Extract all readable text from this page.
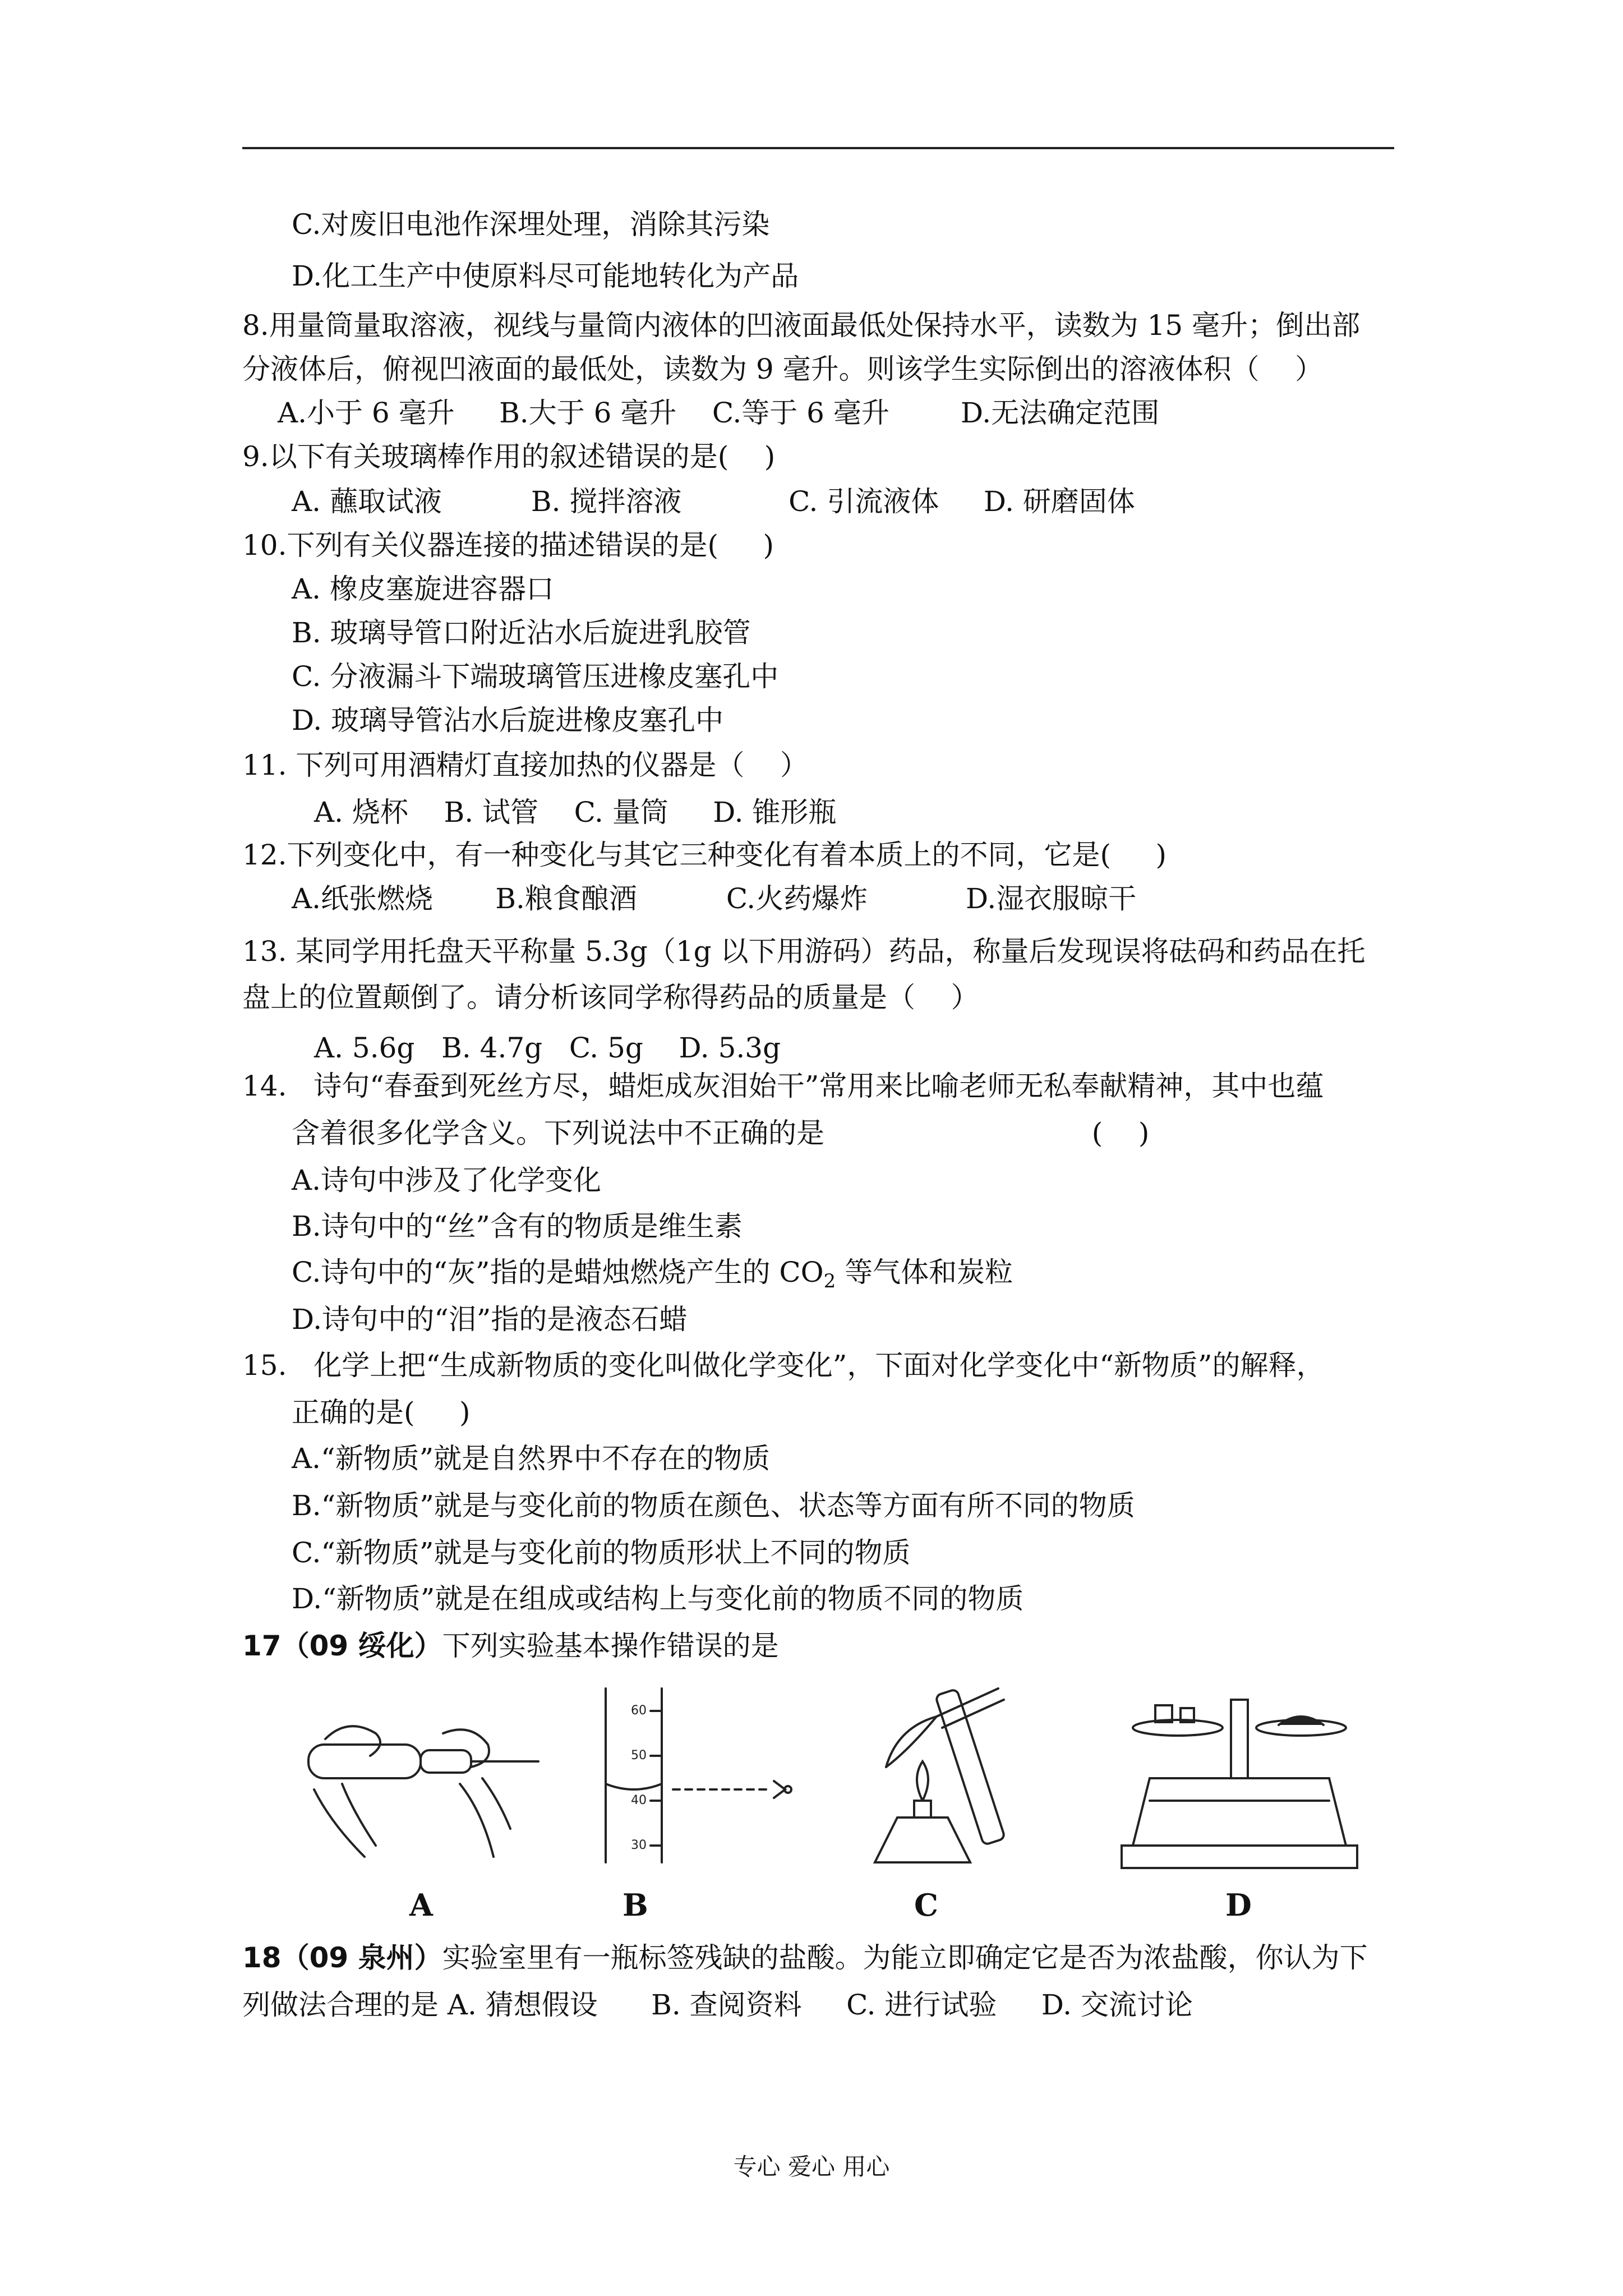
C.对废旧电池作深埋处理，消除其污染
D.化工生产中使原料尽可能地转化为产品
8.用量筒量取溶液，视线与量筒内液体的凹液面最低处保持水平，读数为 15 毫升；倒出部
分液体后，俯视凹液面的最低处，读数为 9 毫升。则该学生实际倒出的溶液体积（    ）
A.小于 6 毫升     B.大于 6 毫升    C.等于 6 毫升        D.无法确定范围
9.以下有关玻璃棒作用的叙述错误的是(    )
A. 蘸取试液          B. 搅拌溶液            C. 引流液体     D. 研磨固体
10.下列有关仪器连接的描述错误的是(     )
A. 橡皮塞旋进容器口
B. 玻璃导管口附近沾水后旋进乳胶管
C. 分液漏斗下端玻璃管压进橡皮塞孔中
D. 玻璃导管沾水后旋进橡皮塞孔中
11. 下列可用酒精灯直接加热的仪器是（    ）
A. 烧杯    B. 试管    C. 量筒     D. 锥形瓶
12.下列变化中，有一种变化与其它三种变化有着本质上的不同，它是(     )
A.纸张燃烧       B.粮食酿酒          C.火药爆炸           D.湿衣服晾干
13. 某同学用托盘天平称量 5.3g（1g 以下用游码）药品，称量后发现误将砝码和药品在托
盘上的位置颠倒了。请分析该同学称得药品的质量是（    ）
A. 5.6g   B. 4.7g   C. 5g    D. 5.3g
14.   诗句“春蚕到死丝方尽，蜡炬成灰泪始干”常用来比喻老师无私奉献精神，其中也蕴
含着很多化学含义。下列说法中不正确的是                              (    )
A.诗句中涉及了化学变化
B.诗句中的“丝”含有的物质是维生素
C.诗句中的“灰”指的是蜡烛燃烧产生的 $CO_2$ 等气体和炭粒
D.诗句中的“泪”指的是液态石蜡
15.   化学上把“生成新物质的变化叫做化学变化”，下面对化学变化中“新物质”的解释，
正确的是(     )
A.“新物质”就是自然界中不存在的物质
B.“新物质”就是与变化前的物质在颜色、状态等方面有所不同的物质
C.“新物质”就是与变化前的物质形状上不同的物质
D.“新物质”就是在组成或结构上与变化前的物质不同的物质
17（09 绥化）下列实验基本操作错误的是
60
50
40
30
A	B	C	D
18（09 泉州）实验室里有一瓶标签残缺的盐酸。为能立即确定它是否为浓盐酸，你认为下
列做法合理的是 A. 猜想假设      B. 查阅资料     C. 进行试验     D. 交流讨论
专心 爱心 用心
